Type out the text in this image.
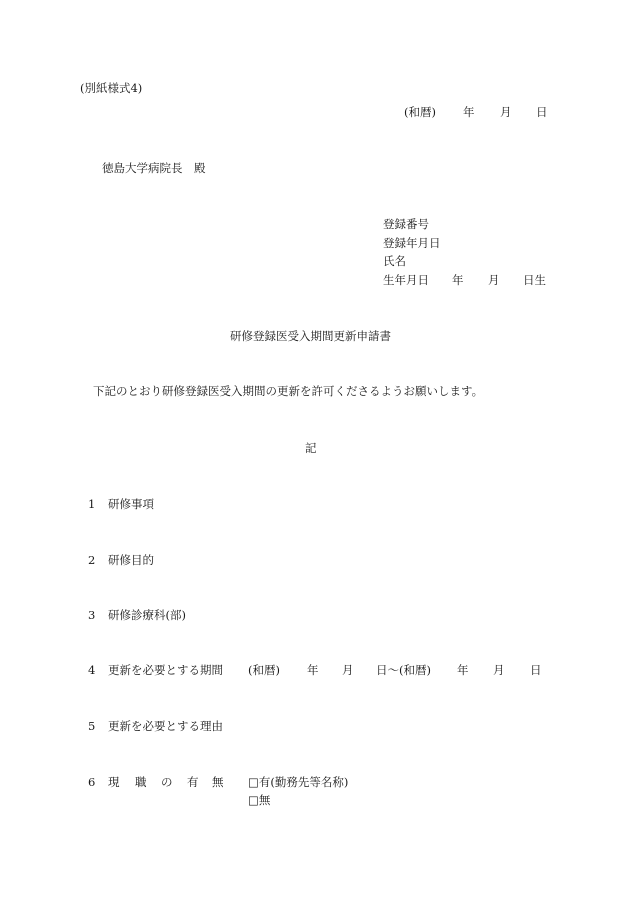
(別紙様式4)
(和暦) 年 月 日
徳島大学病院長　殿
登録番号
登録年月日
氏名
生年月日 年 月 日生
研修登録医受入期間更新申請書
下記のとおり研修登録医受入期間の更新を許可くださるようお願いします。
記
1 研修事項
2 研修目的
3 研修診療科(部)
4 更新を必要とする期間 (和暦) 年 月 日～(和暦) 年 月 日
5 更新を必要とする理由
6 現 職 の 有 無 □有(勤務先等名称)
□無
